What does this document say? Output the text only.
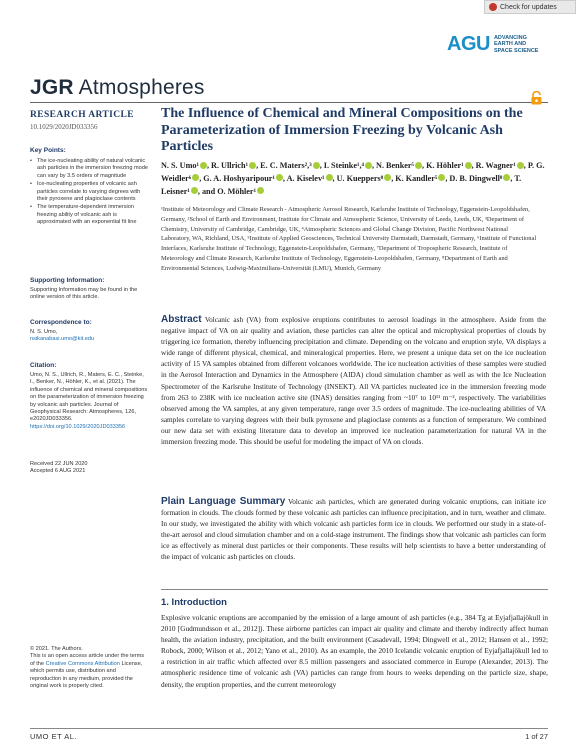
Check for updates
AGU ADVANCING
EARTH AND
SPACE SCIENCE
JGR Atmospheres
RESEARCH ARTICLE
10.1029/2020JD033356
Key Points:
• The ice-nucleating ability of natural volcanic ash particles in the immersion freezing mode can vary by 3.5 orders of magnitude
• Ice-nucleating properties of volcanic ash particles correlate to varying degrees with their pyroxene and plagioclase contents
• The temperature-dependent immersion freezing ability of volcanic ash is approximated with an exponential fit line
Supporting Information:
Supporting Information may be found in the online version of this article.
Correspondence to:
N. S. Umo,
nsikanabasi.umo@kit.edu
Citation:
Umo, N. S., Ullrich, R., Maters, E. C., Steinke, I., Benker, N., Höhler, K., et al. (2021). The influence of chemical and mineral compositions on the parameterization of immersion freezing by volcanic ash particles. Journal of Geophysical Research: Atmospheres, 126, e2020JD033356.
https://doi.org/10.1029/2020JD033356
Received 22 JUN 2020
Accepted 6 AUG 2021
© 2021. The Authors.
This is an open access article under the terms of the Creative Commons Attribution License, which permits use, distribution and reproduction in any medium, provided the original work is properly cited.
The Influence of Chemical and Mineral Compositions on the Parameterization of Immersion Freezing by Volcanic Ash Particles
N. S. Umo¹ , R. Ullrich¹ , E. C. Maters²,³ , I. Steinke¹,⁴ , N. Benker⁵ , K. Höhler¹ , R. Wagner¹ , P. G. Weidler⁶ , G. A. Hoshyaripour¹ , A. Kiselev¹ , U. Kueppers⁸ , K. Kandler⁵ , D. B. Dingwell⁸ , T. Leisner¹ , and O. Möhler¹
¹Institute of Meteorology and Climate Research - Atmospheric Aerosol Research, Karlsruhe Institute of Technology, Eggenstein-Leopoldshafen, Germany, ²School of Earth and Environment, Institute for Climate and Atmospheric Science, University of Leeds, Leeds, UK, ³Department of Chemistry, University of Cambridge, Cambridge, UK, ⁴Atmospheric Sciences and Global Change Division, Pacific Northwest National Laboratory, WA, Richland, USA, ⁵Institute of Applied Geosciences, Technical University Darmstadt, Darmstadt, Germany, ⁶Institute of Functional Interfaces, Karlsruhe Institute of Technology, Eggenstein-Leopoldshafen, Germany, ⁷Department of Tropospheric Research, Institute of Meteorology and Climate Research, Karlsruhe Institute of Technology, Eggenstein-Leopoldshafen, Germany, ⁸Department of Earth and Environmental Sciences, Ludwig-Maximilians-Universität (LMU), Munich, Germany
Abstract Volcanic ash (VA) from explosive eruptions contributes to aerosol loadings in the atmosphere. Aside from the negative impact of VA on air quality and aviation, these particles can alter the optical and microphysical properties of clouds by triggering ice formation, thereby influencing precipitation and climate. Depending on the volcano and eruption style, VA displays a wide range of different physical, chemical, and mineralogical properties. Here, we present a unique data set on the ice nucleation activity of 15 VA samples obtained from different volcanoes worldwide. The ice nucleation activities of these samples were studied in the Aerosol Interaction and Dynamics in the Atmosphere (AIDA) cloud simulation chamber as well as with the Ice Nucleation Spectrometer of the Karlsruhe Institute of Technology (INSEKT). All VA particles nucleated ice in the immersion freezing mode from 263 to 238K with ice nucleation active site (INAS) densities ranging from ~10⁷ to 10¹¹ m⁻², respectively. The variabilities observed among the VA samples, at any given temperature, range over 3.5 orders of magnitude. The ice-nucleating abilities of VA samples correlate to varying degrees with their bulk pyroxene and plagioclase contents as a function of temperature. We combined our new data set with existing literature data to develop an improved ice nucleation parameterization for natural VA in the immersion freezing mode. This should be useful for modeling the impact of VA on clouds.
Plain Language Summary Volcanic ash particles, which are generated during volcanic eruptions, can initiate ice formation in clouds. The clouds formed by these volcanic ash particles can influence precipitation, and in turn, weather and climate. In our study, we investigated the ability with which volcanic ash particles form ice in clouds. We performed our study in a state-of-the-art aerosol and cloud simulation chamber and on a cold-stage instrument. The findings show that volcanic ash particles can form ice as effectively as mineral dust particles or their components. These results will help scientists to have a better understanding of the impact of volcanic ash particles on clouds.
1. Introduction
Explosive volcanic eruptions are accompanied by the emission of a large amount of ash particles (e.g., 384 Tg at Eyjafjallajökull in 2010 [Gudmundsson et al., 2012]). These airborne particles can impact air quality and climate and thereby indirectly affect human health, the aviation industry, precipitation, and the built environment (Casadevall, 1994; Dingwell et al., 2012; Hansen et al., 1992; Robock, 2000; Wilson et al., 2012; Yano et al., 2010). As an example, the 2010 Icelandic volcanic eruption of Eyjafjallajökull led to a restriction in air traffic which affected over 8.5 million passengers and associated commerce in Europe (Alexander, 2013). The atmospheric residence time of volcanic ash (VA) particles can range from hours to weeks depending on the particle size, shape, density, the eruption properties, and the current meteorology
UMO ET AL.	1 of 27
